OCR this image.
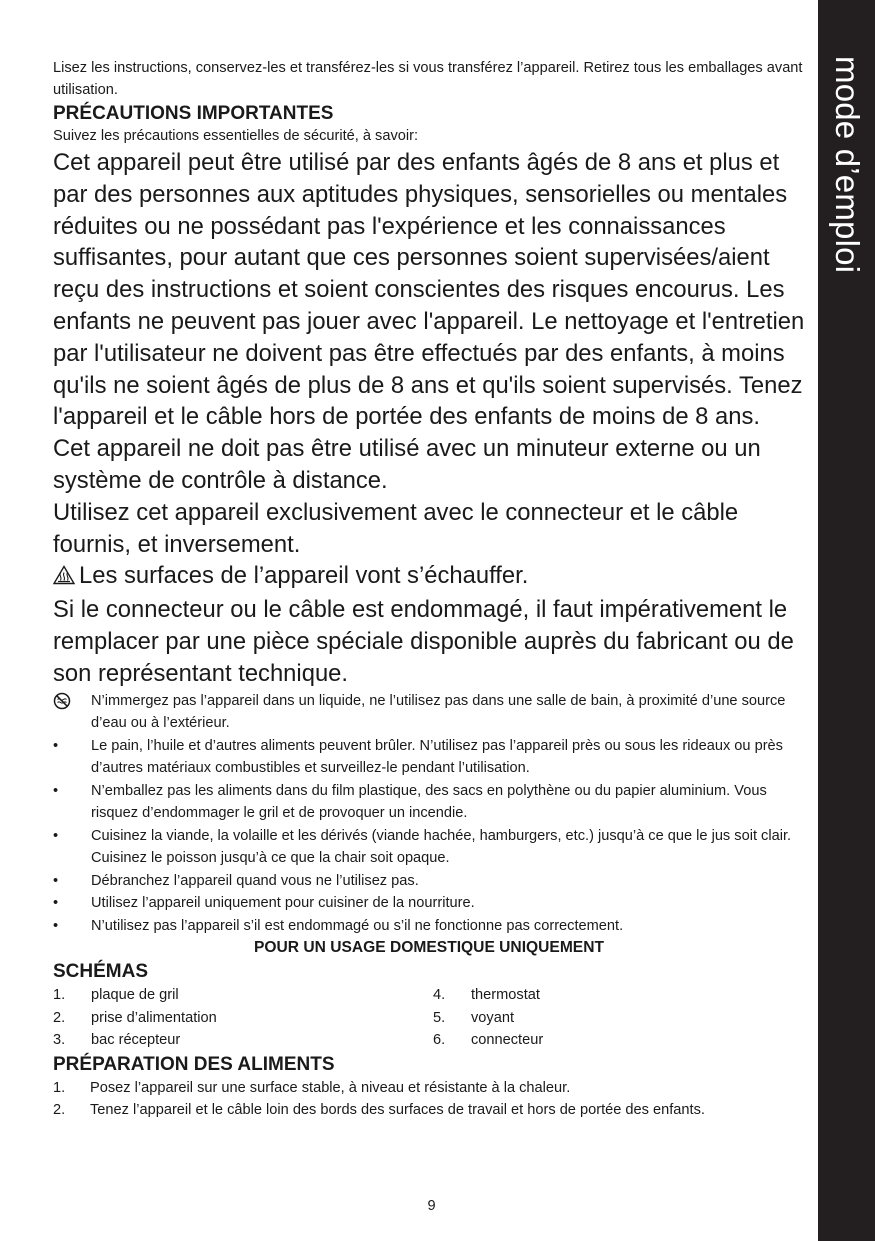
mode d’emploi

Lisez les instructions, conservez-les et transférez-les si vous transférez l’appareil. Retirez tous les emballages avant utilisation.

PRÉCAUTIONS IMPORTANTES

Suivez les précautions essentielles de sécurité, à savoir:

Cet appareil peut être utilisé par des enfants âgés de 8 ans et plus et par des personnes aux aptitudes physiques, sensorielles ou mentales réduites ou ne possédant pas l'expérience et les connaissances suffisantes, pour autant que ces personnes soient supervisées/aient reçu des instructions et soient conscientes des risques encourus. Les enfants ne peuvent pas jouer avec l'appareil. Le nettoyage et l'entretien par l'utilisateur ne doivent pas être effectués par des enfants, à moins qu'ils ne soient âgés de plus de 8 ans et qu'ils soient supervisés. Tenez l'appareil et le câble hors de portée des enfants de moins de 8 ans.

Cet appareil ne doit pas être utilisé avec un minuteur externe ou un système de contrôle à distance.

Utilisez cet appareil exclusivement avec le connecteur et le câble fournis, et inversement.

Les surfaces de l’appareil vont s’échauffer.

Si le connecteur ou le câble est endommagé, il faut impérativement le remplacer par une pièce spéciale disponible auprès du fabricant ou de son représentant technique.

N’immergez pas l’appareil dans un liquide, ne l’utilisez pas dans une salle de bain, à proximité d’une source d’eau ou à l’extérieur.
•	Le pain, l’huile et d’autres aliments peuvent brûler. N’utilisez pas l’appareil près ou sous les rideaux ou près d’autres matériaux combustibles et surveillez-le pendant l’utilisation.
•	N’emballez pas les aliments dans du film plastique, des sacs en polythène ou du papier aluminium. Vous risquez d’endommager le gril et de provoquer un incendie.
•	Cuisinez la viande, la volaille et les dérivés (viande hachée, hamburgers, etc.) jusqu’à ce que le jus soit clair. Cuisinez le poisson jusqu’à ce que la chair soit opaque.
•	Débranchez l’appareil quand vous ne l’utilisez pas.
•	Utilisez l’appareil uniquement pour cuisiner de la nourriture.
•	N’utilisez pas l’appareil s’il est endommagé ou s’il ne fonctionne pas correctement.

POUR UN USAGE DOMESTIQUE UNIQUEMENT

SCHÉMAS
1. plaque de gril	4. thermostat
2. prise d’alimentation	5. voyant
3. bac récepteur	6. connecteur
PRÉPARATION DES ALIMENTS
1. Posez l’appareil sur une surface stable, à niveau et résistante à la chaleur.
2. Tenez l’appareil et le câble loin des bords des surfaces de travail et hors de portée des enfants.
9
